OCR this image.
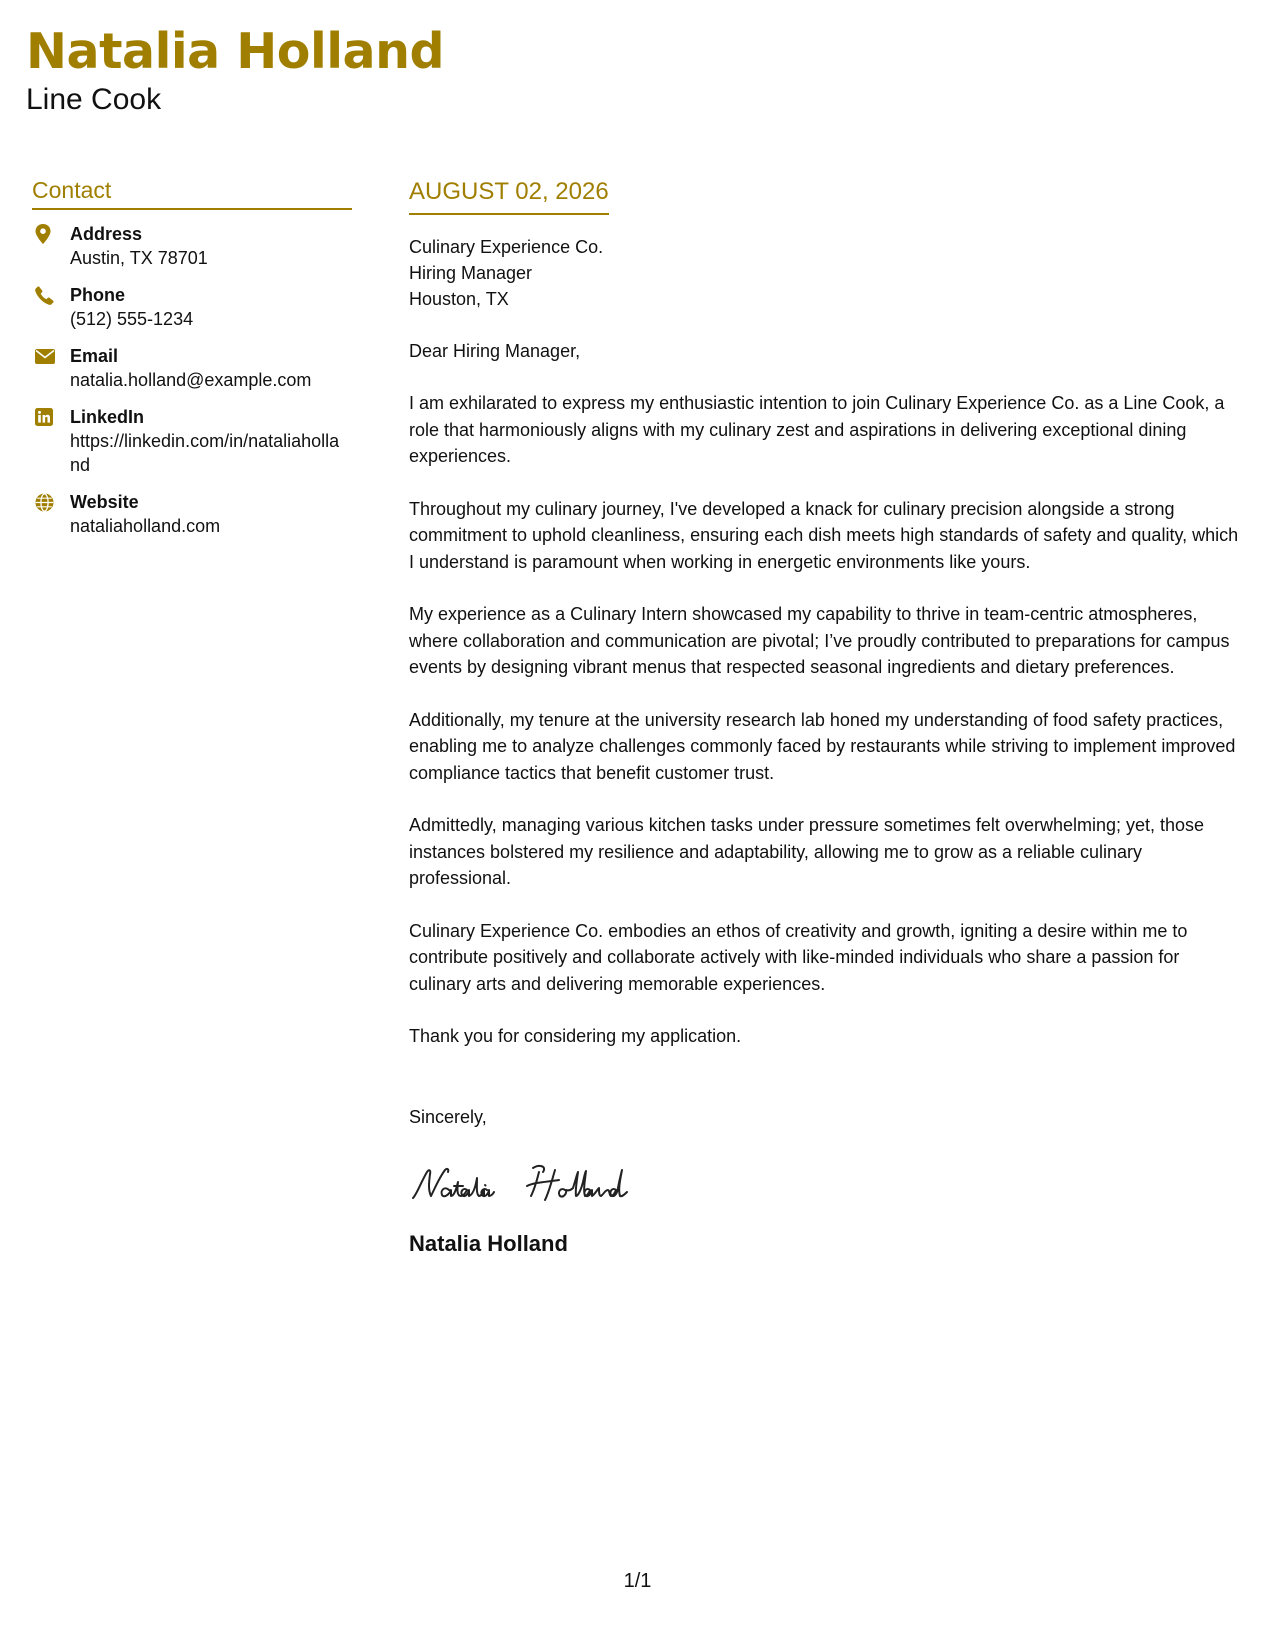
Natalia Holland

Line Cook

Contact
Address
Austin, TX 78701
Phone
(512) 555-1234
Email
natalia.holland@example.com
LinkedIn
https://linkedin.com/in/nataliaholland
Website
nataliaholland.com
AUGUST 02, 2026
Culinary Experience Co.
Hiring Manager
Houston, TX
Dear Hiring Manager,

I am exhilarated to express my enthusiastic intention to join Culinary Experience Co. as a Line Cook, a role that harmoniously aligns with my culinary zest and aspirations in delivering exceptional dining experiences.

Throughout my culinary journey, I've developed a knack for culinary precision alongside a strong commitment to uphold cleanliness, ensuring each dish meets high standards of safety and quality, which I understand is paramount when working in energetic environments like yours.

My experience as a Culinary Intern showcased my capability to thrive in team-centric atmospheres, where collaboration and communication are pivotal; I’ve proudly contributed to preparations for campus events by designing vibrant menus that respected seasonal ingredients and dietary preferences.

Additionally, my tenure at the university research lab honed my understanding of food safety practices, enabling me to analyze challenges commonly faced by restaurants while striving to implement improved compliance tactics that benefit customer trust.

Admittedly, managing various kitchen tasks under pressure sometimes felt overwhelming; yet, those instances bolstered my resilience and adaptability, allowing me to grow as a reliable culinary professional.

Culinary Experience Co. embodies an ethos of creativity and growth, igniting a desire within me to contribute positively and collaborate actively with like-minded individuals who share a passion for culinary arts and delivering memorable experiences.

Thank you for considering my application.

Sincerely,
Natalia Holland
1/1
